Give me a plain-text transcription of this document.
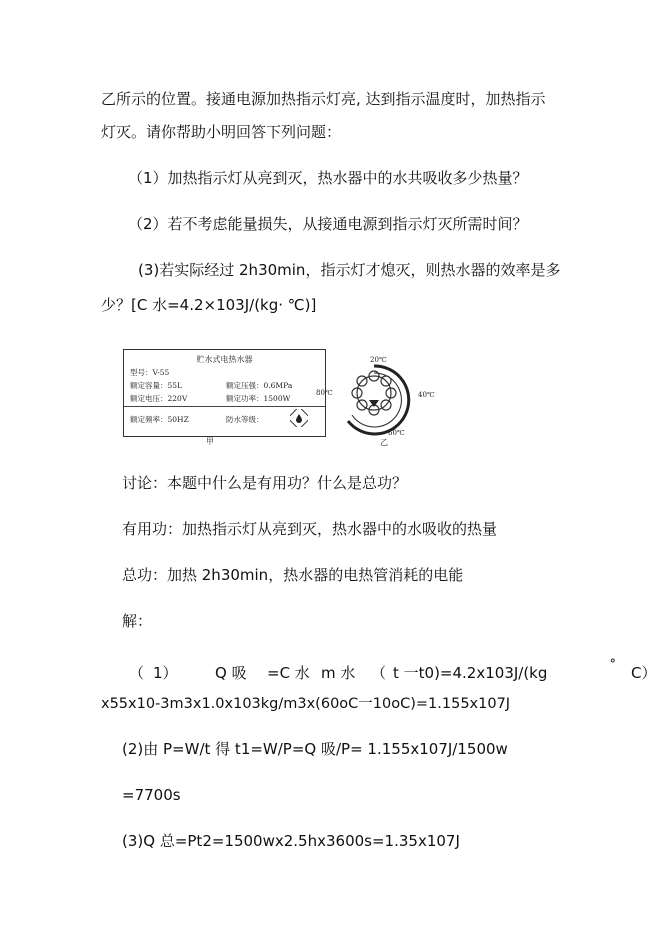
乙所示的位置。接通电源加热指示灯亮, 达到指示温度时，加热指示
灯灭。请你帮助小明回答下列问题：
（1）加热指示灯从亮到灭，热水器中的水共吸收多少热量？
（2）若不考虑能量损失，从接通电源到指示灯灭所需时间？
(3)若实际经过 2h30min，指示灯才熄灭，则热水器的效率是多
少？[C 水=4.2×103J/(kg· ℃)]
贮水式电热水器
型号：V-55
额定容量：55L	额定压强：0.6MPa
额定电压：220V	额定功率：1500W
额定频率：50HZ	防水等级：
甲
20℃
40℃
60℃
80℃
乙
讨论：本题中什么是有用功？什么是总功？
有用功：加热指示灯从亮到灭，热水器中的水吸收的热量
总功：加热 2h30min，热水器的电热管消耗的电能
解：
（ 1） Q 吸 =C 水 m 水 （ t 一t0)=4.2x103J/(kg	˚ C）
x55x10-3m3x1.0x103kg/m3x(60oC一10oC)=1.155x107J
(2)由 P=W/t 得 t1=W/P=Q 吸/P= 1.155x107J/1500w
=7700s
(3)Q 总=Pt2=1500wx2.5hx3600s=1.35x107J
